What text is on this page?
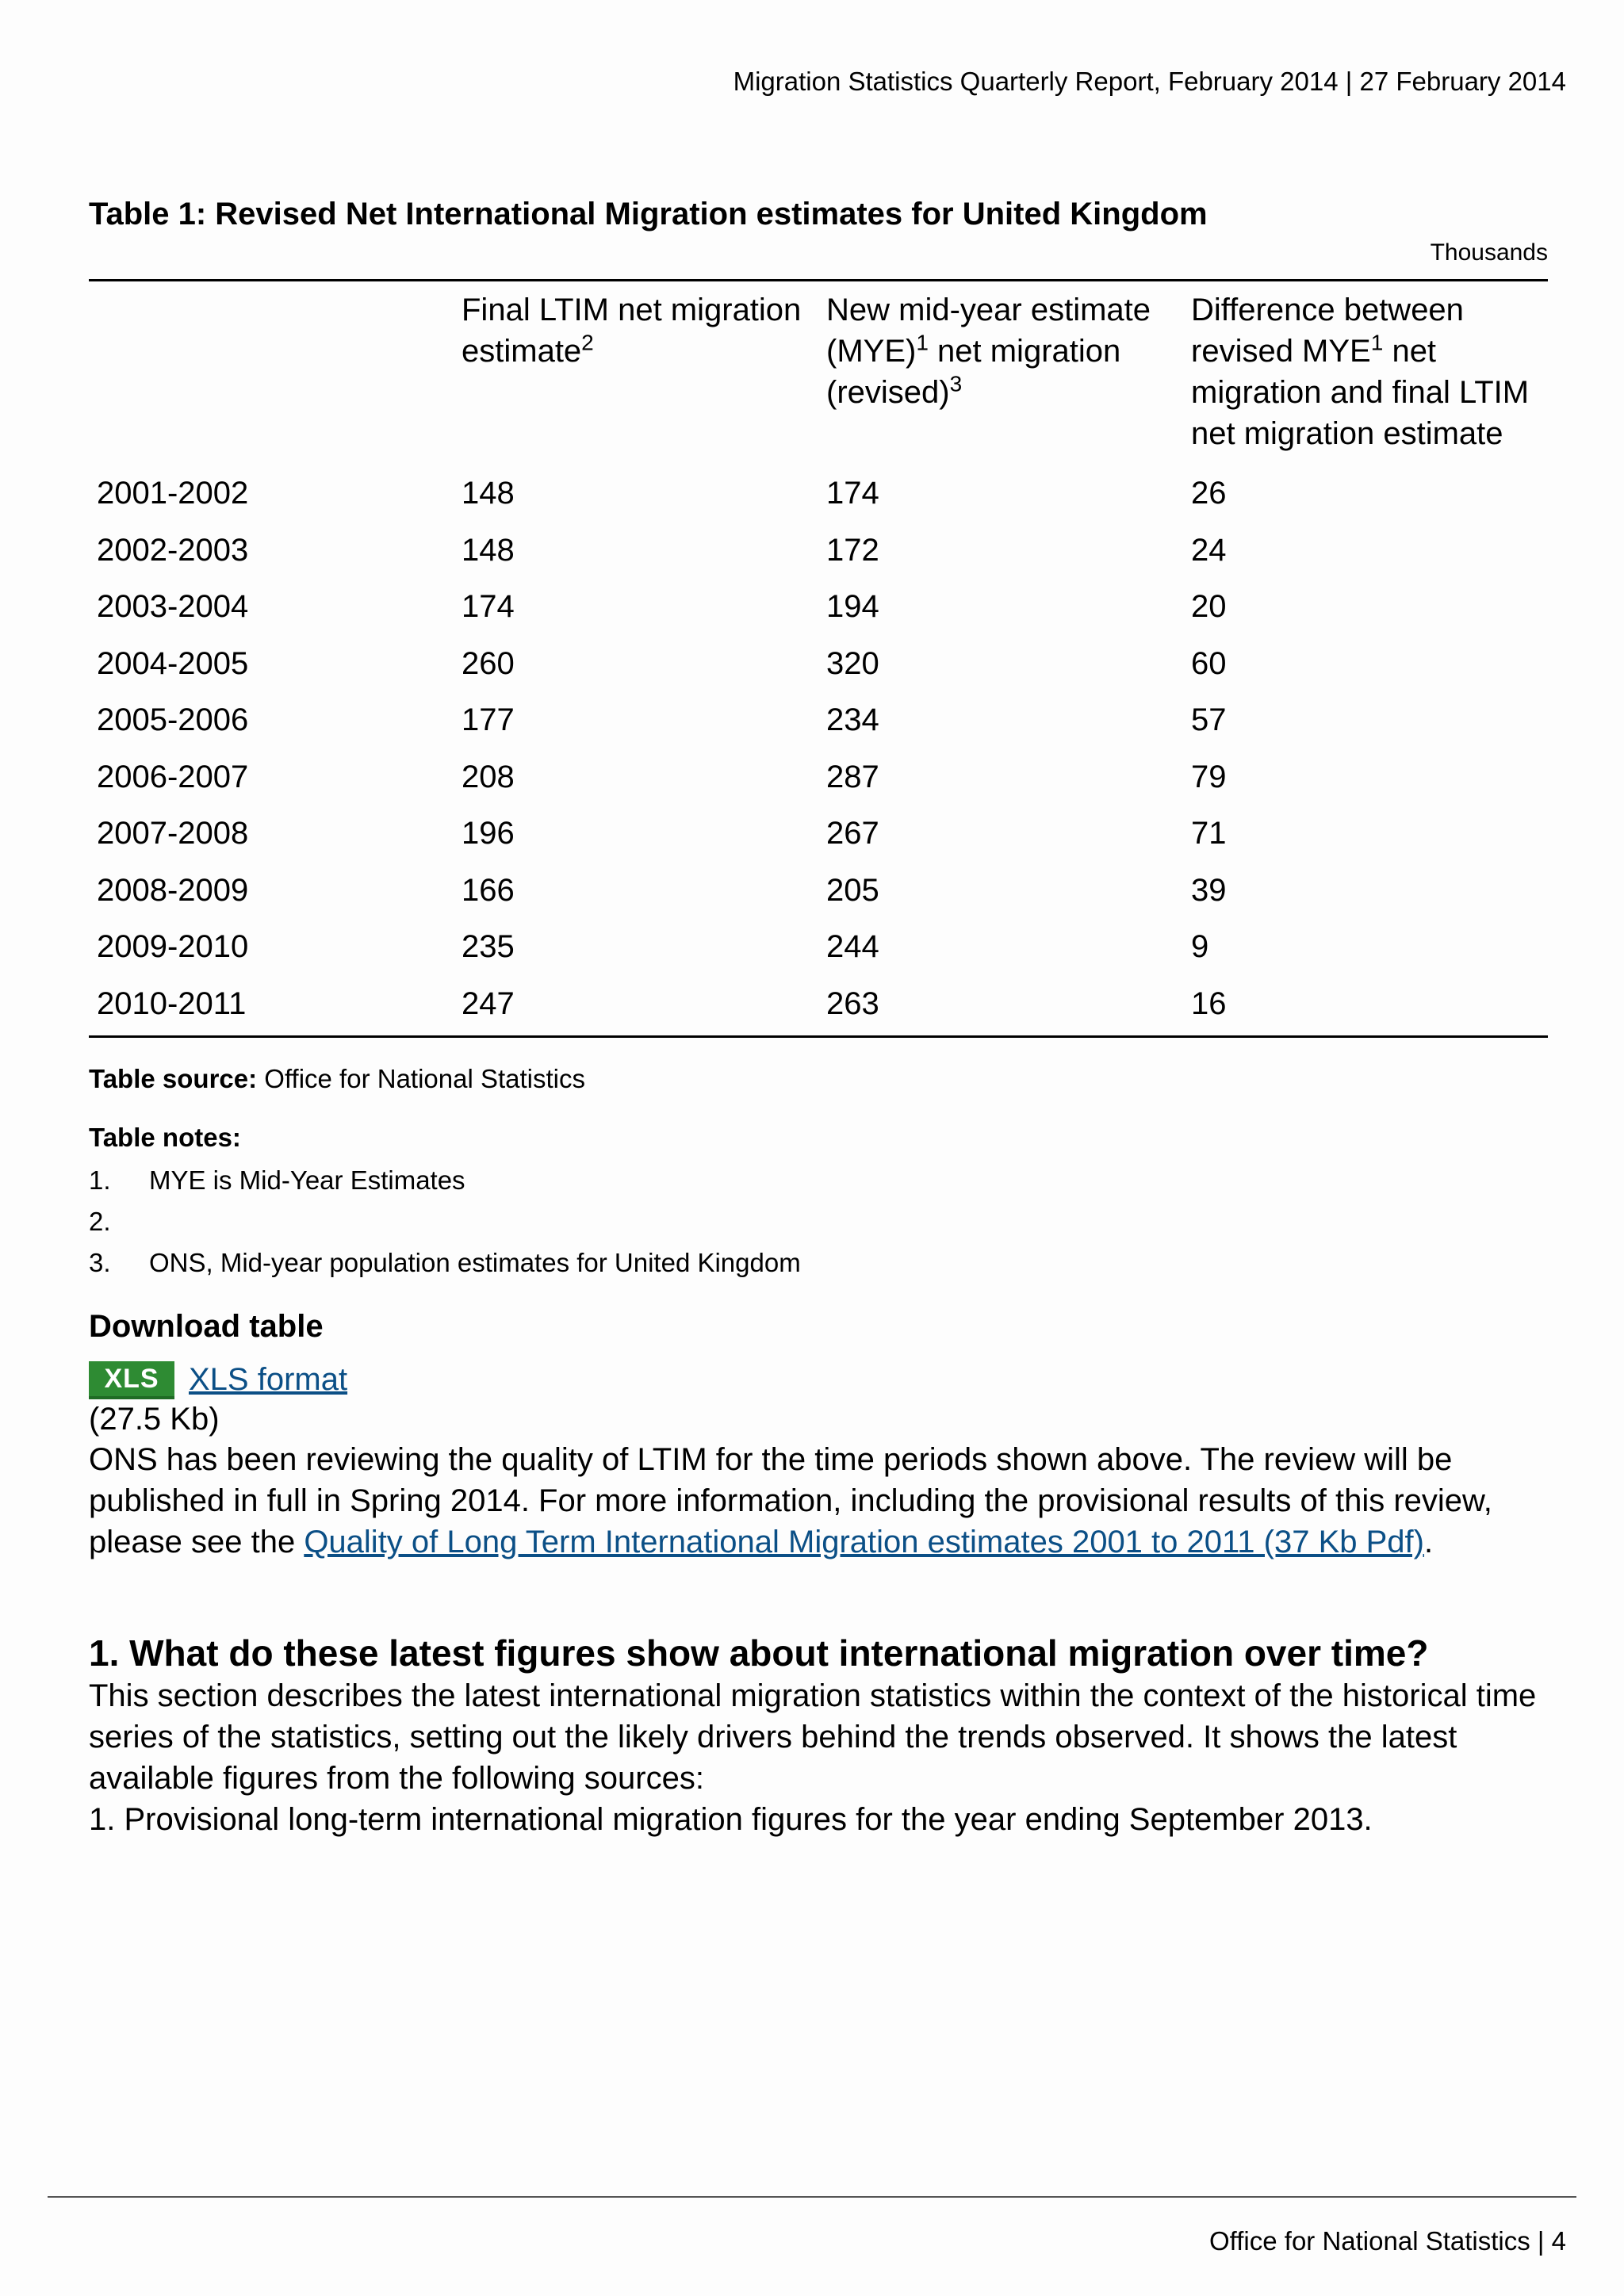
Migration Statistics Quarterly Report, February 2014 | 27 February 2014
Table 1: Revised Net International Migration estimates for United Kingdom
Thousands
	Final LTIM net migration estimate$^2$	New mid-year estimate (MYE)$^1$ net migration (revised)$^3$	Difference between revised MYE$^1$ net migration and final LTIM net migration estimate
2001-2002	148	174	26
2002-2003	148	172	24
2003-2004	174	194	20
2004-2005	260	320	60
2005-2006	177	234	57
2006-2007	208	287	79
2007-2008	196	267	71
2008-2009	166	205	39
2009-2010	235	244	9
2010-2011	247	263	16
Table source: Office for National Statistics
Table notes:
1.	MYE is Mid-Year Estimates
2.
3.	ONS, Mid-year population estimates for United Kingdom
Download table
XLS XLS format
(27.5 Kb)

ONS has been reviewing the quality of LTIM for the time periods shown above. The review will be published in full in Spring 2014. For more information, including the provisional results of this review, please see the Quality of Long Term International Migration estimates 2001 to 2011 (37 Kb Pdf).

1. What do these latest figures show about international migration over time?

This section describes the latest international migration statistics within the context of the historical time series of the statistics, setting out the likely drivers behind the trends observed. It shows the latest available figures from the following sources:

1. Provisional long-term international migration figures for the year ending September 2013.

Office for National Statistics | 4
